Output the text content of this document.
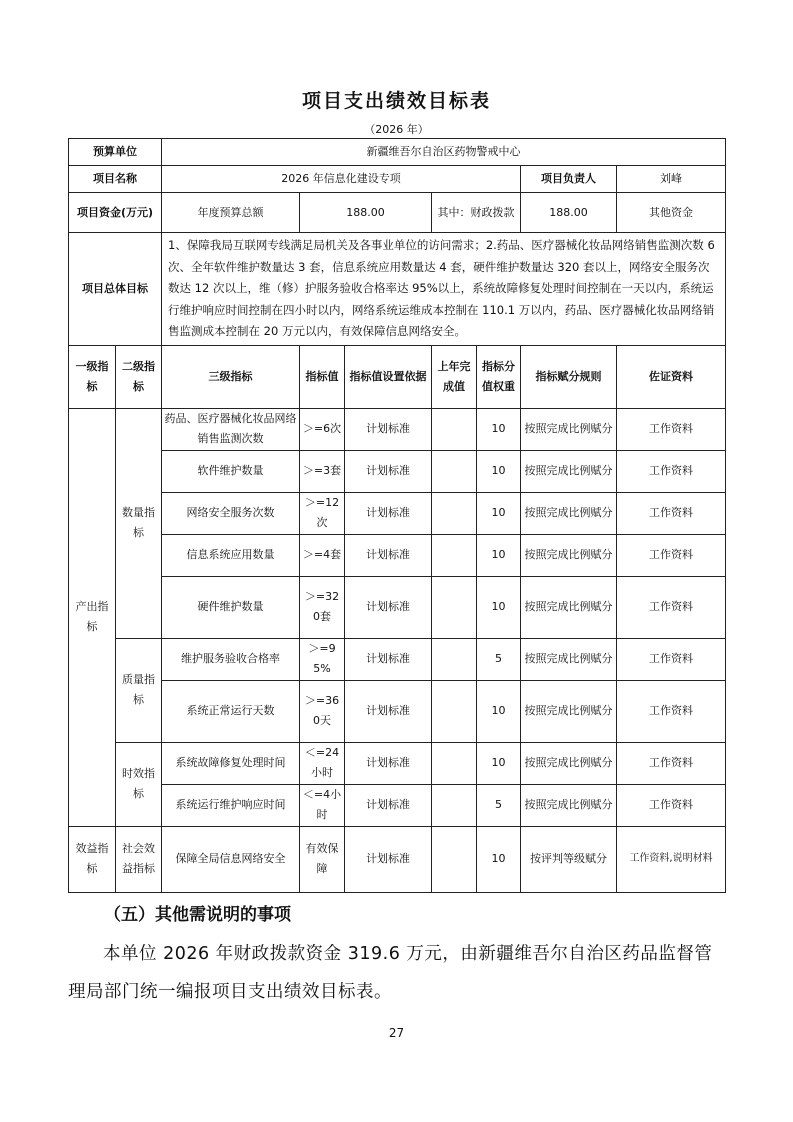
项目支出绩效目标表
（2026 年）
预算单位		新疆维吾尔自治区药物警戒中心						
项目名称		2026 年信息化建设专项					项目负责人	刘峰
项目资金(万元)		年度预算总额	188.00		其中：财政拨款		188.00	其他资金
项目总体目标		1、保障我局互联网专线满足局机关及各事业单位的访问需求；2.药品、医疗器械化妆品网络销售监测次数 6 次、全年软件维护数量达 3 套，信息系统应用数量达 4 套，硬件维护数量达 320 套以上，网络安全服务次数达 12 次以上，维（修）护服务验收合格率达 95%以上，系统故障修复处理时间控制在一天以内，系统运行维护响应时间控制在四小时以内，网络系统运维成本控制在 110.1 万以内，药品、医疗器械化妆品网络销售监测成本控制在 20 万元以内，有效保障信息网络安全。						
一级指标	二级指标	三级指标	指标值	指标值设置依据	上年完成值	指标分值权重	指标赋分规则	佐证资料
产出指标	数量指标	药品、医疗器械化妆品网络销售监测次数	＞=6次	计划标准		10	按照完成比例赋分	工作资料
		软件维护数量	＞=3套	计划标准		10	按照完成比例赋分	工作资料
		网络安全服务次数	＞=12次	计划标准		10	按照完成比例赋分	工作资料
		信息系统应用数量	＞=4套	计划标准		10	按照完成比例赋分	工作资料
		硬件维护数量	＞=320套	计划标准		10	按照完成比例赋分	工作资料
	质量指标	维护服务验收合格率	＞=95%	计划标准		5	按照完成比例赋分	工作资料
		系统正常运行天数	＞=360天	计划标准		10	按照完成比例赋分	工作资料
	时效指标	系统故障修复处理时间	＜=24小时	计划标准		10	按照完成比例赋分	工作资料
		系统运行维护响应时间	＜=4小时	计划标准		5	按照完成比例赋分	工作资料
效益指标	社会效益指标	保障全局信息网络安全	有效保障	计划标准		10	按评判等级赋分	工作资料,说明材料
（五）其他需说明的事项
本单位 2026 年财政拨款资金 319.6 万元，由新疆维吾尔自治区药品监督管理局部门统一编报项目支出绩效目标表。
27
